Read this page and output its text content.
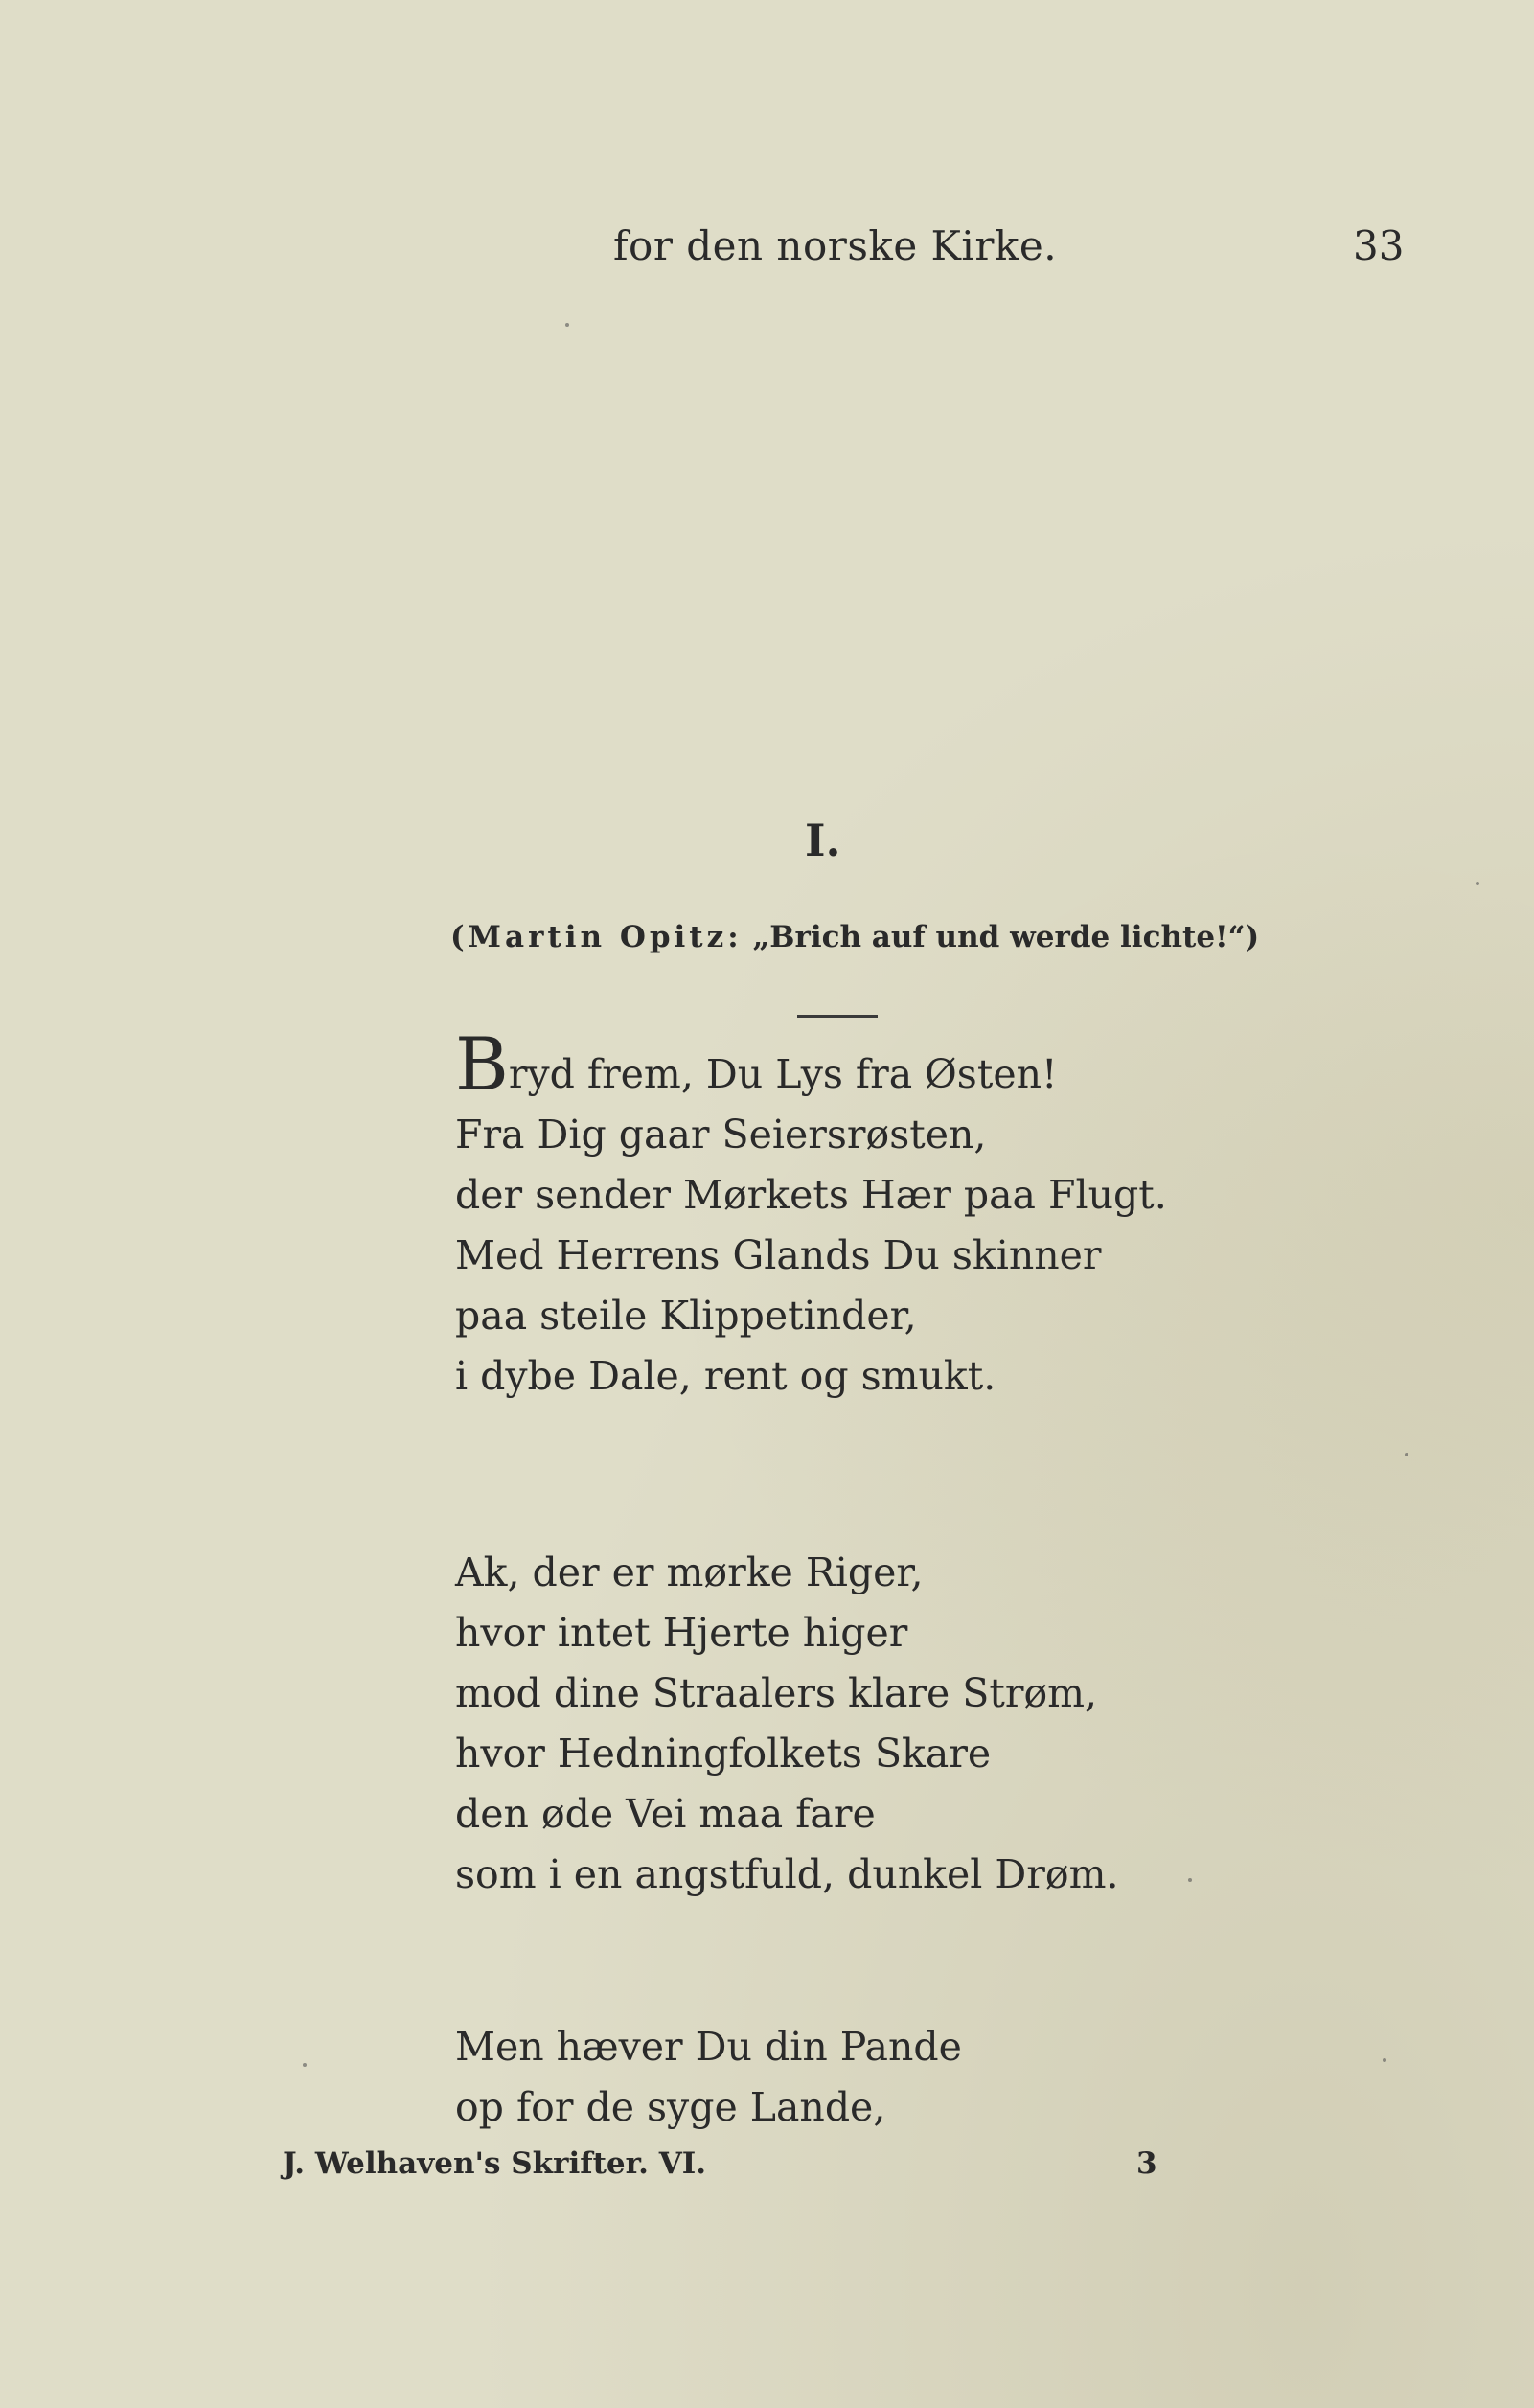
for den norske Kirke.	33
I.
(Martin Opitz: „Brich auf und werde lichte!“)
Bryd frem, Du Lys fra Østen!
Fra Dig gaar Seiersrøsten,
der sender Mørkets Hær paa Flugt.
Med Herrens Glands Du skinner
paa steile Klippetinder,
i dybe Dale, rent og smukt.
Ak, der er mørke Riger,
hvor intet Hjerte higer
mod dine Straalers klare Strøm,
hvor Hedningfolkets Skare
den øde Vei maa fare
som i en angstfuld, dunkel Drøm.
Men hæver Du din Pande
op for de syge Lande,
J. Welhaven's Skrifter. VI.	3
